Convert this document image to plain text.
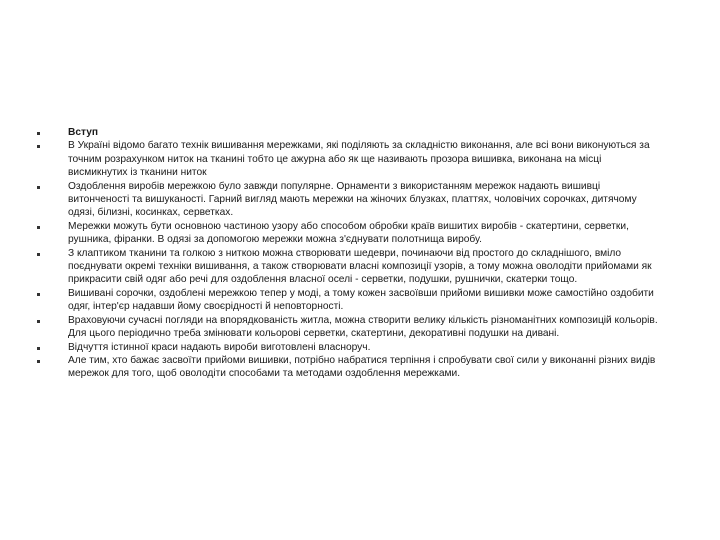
Вступ
В Україні відомо багато технік вишивання мережками, які поділяють за складністю виконання, але всі вони виконуються за точним розрахунком ниток на тканині тобто це ажурна або як ще називають прозора вишивка, виконана на місці висмикнутих із тканини ниток
Оздоблення виробів мережкою було завжди популярне. Орнаменти з використанням мережок надають вишивці витонченості та вишуканості. Гарний вигляд мають мережки на жіночих блузках, платтях, чоловічих сорочках, дитячому одязі, білизні, косинках, серветках.
Мережки можуть бути основною частиною узору або способом обробки країв вишитих виробів - скатертини, серветки, рушника, фіранки. В одязі за допомогою мережки можна з'єднувати полотнища виробу.
З клаптиком тканини та голкою з ниткою можна створювати шедеври, починаючи від простого до складнішого, вміло поєднувати окремі техніки вишивання, а також створювати власні композиції узорів, а тому можна оволодіти прийомами як прикрасити свій одяг або речі для оздоблення власної оселі - серветки, подушки, рушнички, скатерки тощо.
Вишивані сорочки, оздоблені мережкою тепер у моді, а тому кожен засвоївши прийоми вишивки може самостійно оздобити одяг, інтер'єр надавши йому своєрідності й неповторності.
Враховуючи сучасні погляди на впорядкованість житла, можна створити велику кількість різноманітних композицій кольорів. Для цього періодично треба змінювати кольорові серветки, скатертини, декоративні подушки на дивані.
Відчуття істинної краси надають вироби виготовлені власноруч.
Але тим, хто бажає засвоїти прийоми вишивки, потрібно набратися терпіння і спробувати свої сили у виконанні різних видів мережок для того, щоб оволодіти способами та методами оздоблення мережками.
